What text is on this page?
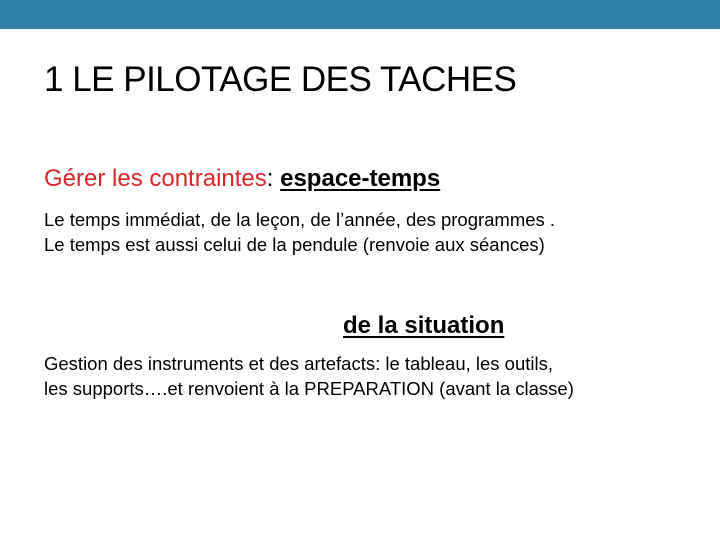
1 LE PILOTAGE DES TACHES
Gérer les contraintes: espace-temps
Le temps immédiat, de la leçon, de l’année, des programmes .
Le temps est aussi celui de la pendule (renvoie aux séances)
de la situation
Gestion des instruments et des artefacts: le tableau, les outils,
les supports….et renvoient à la PREPARATION (avant la classe)
